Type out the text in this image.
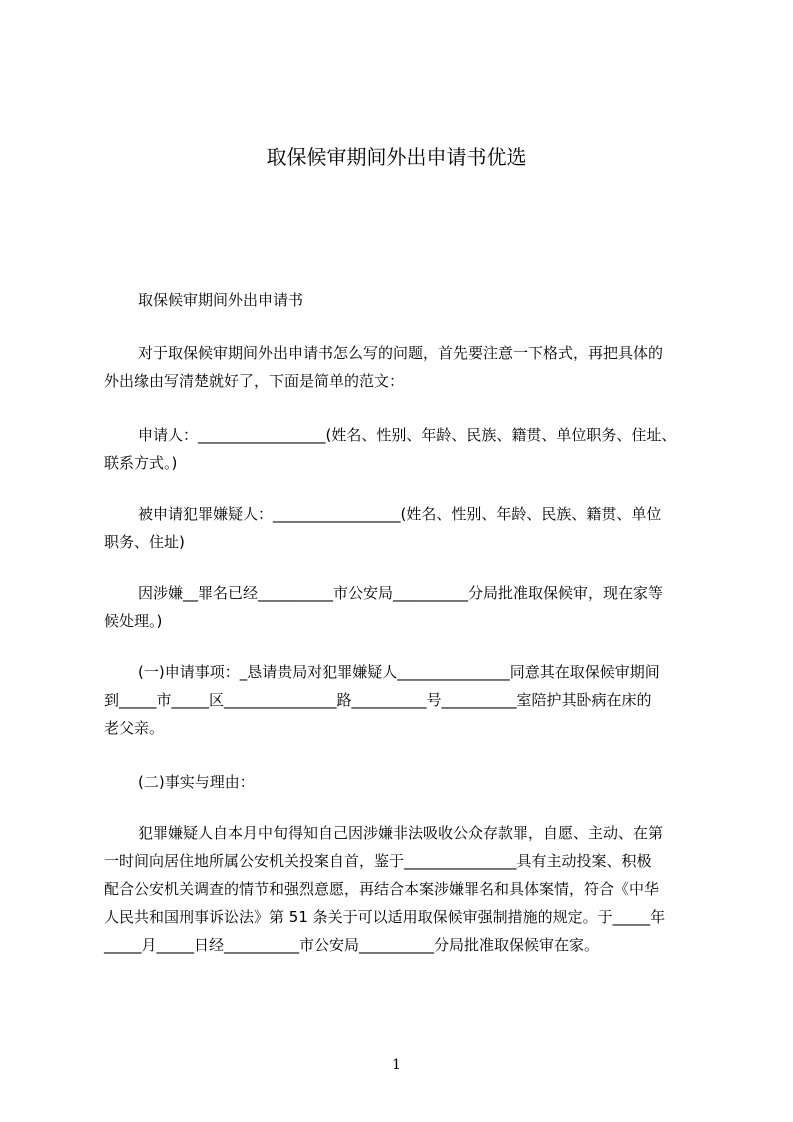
取保候审期间外出申请书优选
取保候审期间外出申请书
对于取保候审期间外出申请书怎么写的问题，首先要注意一下格式，再把具体的
外出缘由写清楚就好了，下面是简单的范文：
申请人：_________________(姓名、性别、年龄、民族、籍贯、单位职务、住址、
联系方式。)
被申请犯罪嫌疑人：_________________(姓名、性别、年龄、民族、籍贯、单位
职务、住址)
因涉嫌__罪名已经__________市公安局__________分局批准取保候审，现在家等
候处理。)
(一)申请事项：_恳请贵局对犯罪嫌疑人_______________同意其在取保候审期间
到_____市_____区_______________路__________号__________室陪护其卧病在床的
老父亲。
(二)事实与理由：
犯罪嫌疑人自本月中旬得知自己因涉嫌非法吸收公众存款罪，自愿、主动、在第
一时间向居住地所属公安机关投案自首，鉴于_______________具有主动投案、积极
配合公安机关调查的情节和强烈意愿，再结合本案涉嫌罪名和具体案情，符合《中华
人民共和国刑事诉讼法》第 51 条关于可以适用取保候审强制措施的规定。于_____年
_____月_____日经__________市公安局__________分局批准取保候审在家。
1
